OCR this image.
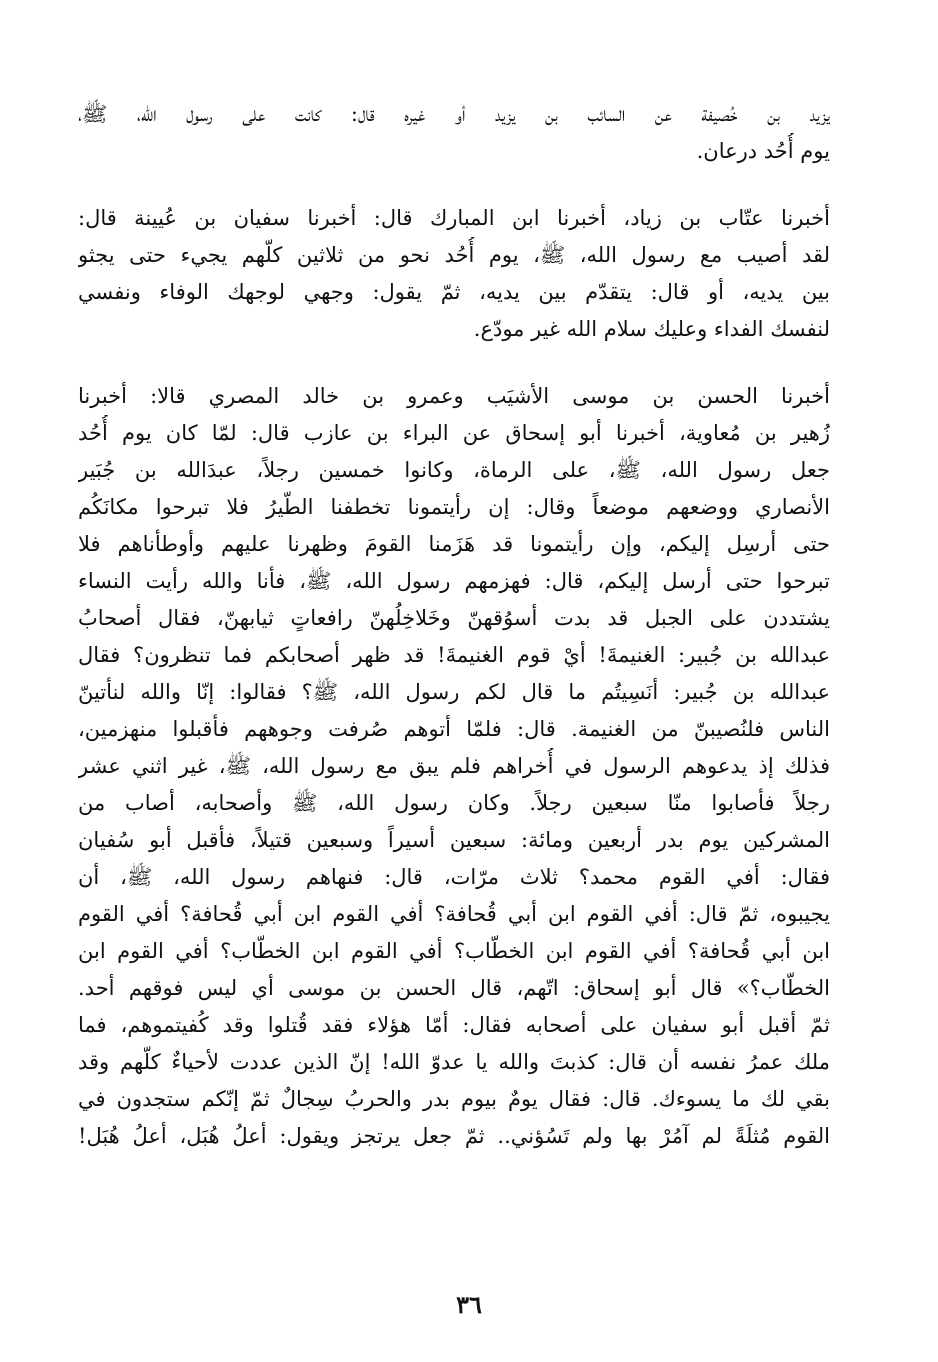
يزيد بن خُصيفة عن السائب بن يزيد أو غيره قال: كانت على رسول الله، ﷺ،
يوم أُحُد درعان.
أخبرنا عتّاب بن زياد، أخبرنا ابن المبارك قال: أخبرنا سفيان بن عُيينة قال:
لقد أصيب مع رسول الله، ﷺ، يوم أُحُد نحو من ثلاثين كلّهم يجيء حتى يجثو
بين يديه، أو قال: يتقدّم بين يديه، ثمّ يقول: وجهي لوجهك الوفاء ونفسي
لنفسك الفداء وعليك سلام الله غير مودّع.
أخبرنا الحسن بن موسى الأشيَب وعمرو بن خالد المصري قالا: أخبرنا
زُهير بن مُعاوية، أخبرنا أبو إسحاق عن البراء بن عازب قال: لمّا كان يوم أُحُد
جعل رسول الله، ﷺ، على الرماة، وكانوا خمسين رجلاً، عبدَالله بن جُبَير
الأنصاري ووضعهم موضعاً وقال: إن رأيتمونا تخطفنا الطّيرُ فلا تبرحوا مكانَكُم
حتى أرسِل إليكم، وإن رأيتمونا قد هَزَمنا القومَ وظهرنا عليهم وأوطأناهم فلا
تبرحوا حتى أرسل إليكم، قال: فهزمهم رسول الله، ﷺ، فأنا والله رأيت النساء
يشتددن على الجبل قد بدت أسوُقهنّ وخَلاخِلُهنّ رافعاتٍ ثيابهنّ، فقال أصحابُ
عبدالله بن جُبير: الغنيمةَ! أيْ قوم الغنيمةَ! قد ظهر أصحابكم فما تنظرون؟ فقال
عبدالله بن جُبير: أنَسِيتُم ما قال لكم رسول الله، ﷺ؟ فقالوا: إنّا والله لنأتينّ
الناس فلنُصيبنّ من الغنيمة. قال: فلمّا أتوهم صُرفت وجوههم فأقبلوا منهزمين،
فذلك إذ يدعوهم الرسول في أُخراهم فلم يبق مع رسول الله، ﷺ، غير اثني عشر
رجلاً فأصابوا منّا سبعين رجلاً. وكان رسول الله، ﷺ وأصحابه، أصاب من
المشركين يوم بدر أربعين ومائة: سبعين أسيراً وسبعين قتيلاً، فأقبل أبو سُفيان
فقال: أفي القوم محمد؟ ثلاث مرّات، قال: فنهاهم رسول الله، ﷺ، أن
يجيبوه، ثمّ قال: أفي القوم ابن أبي قُحافة؟ أفي القوم ابن أبي قُحافة؟ أفي القوم
ابن أبي قُحافة؟ أفي القوم ابن الخطّاب؟ أفي القوم ابن الخطّاب؟ أفي القوم ابن
الخطّاب؟» قال أبو إسحاق: اتّهم، قال الحسن بن موسى أي ليس فوقهم أحد.
ثمّ أقبل أبو سفيان على أصحابه فقال: أمّا هؤلاء فقد قُتلوا وقد كُفيتموهم، فما
ملك عمرُ نفسه أن قال: كذبتَ والله يا عدوّ الله! إنّ الذين عددت لأحياءٌ كلّهم وقد
بقي لك ما يسوءك. قال: فقال يومٌ بيوم بدر والحربُ سِجالٌ ثمّ إنّكم ستجدون في
القوم مُثلَةً لم آمُرْ بها ولم تَسُؤني.. ثمّ جعل يرتجز ويقول: أعلُ هُبَل، أعلُ هُبَل!
٣٦
